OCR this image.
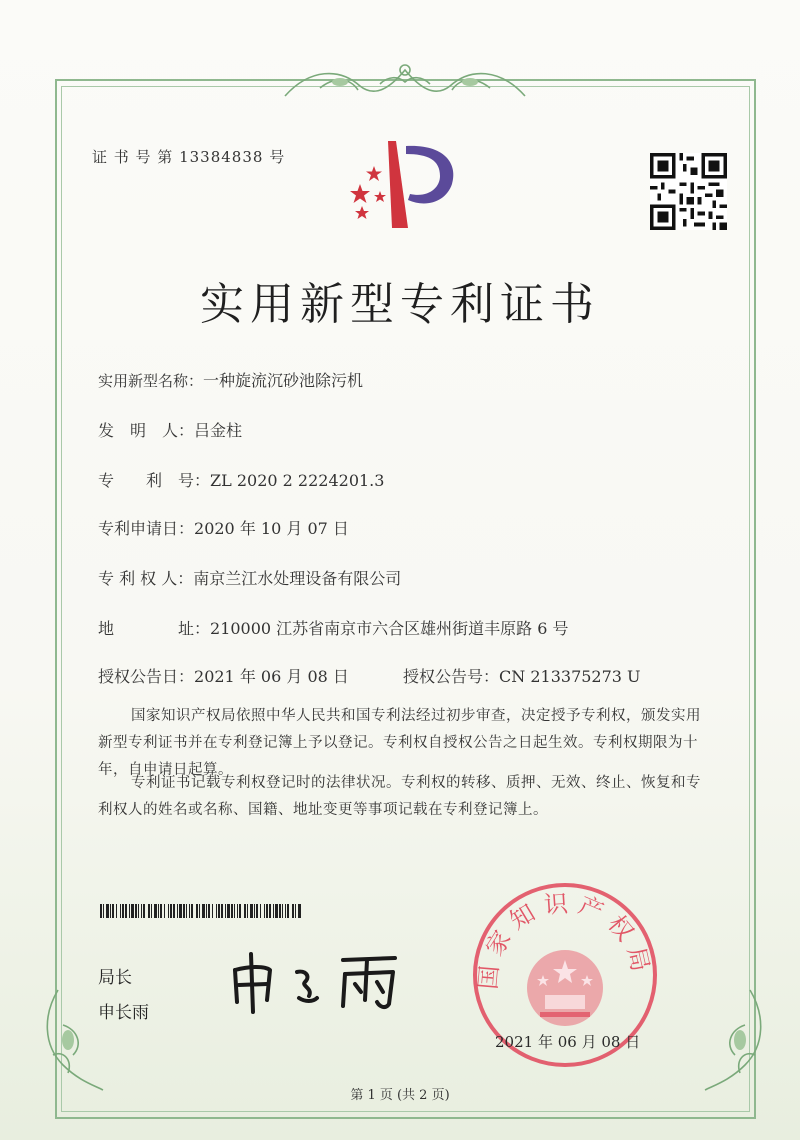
证 书 号 第 13384838 号
实用新型专利证书
实用新型名称：一种旋流沉砂池除污机
发　明　人：吕金柱
专　　利　号：ZL 2020 2 2224201.3
专利申请日：2020 年 10 月 07 日
专 利 权 人：南京兰江水处理设备有限公司
地　　　　址：210000 江苏省南京市六合区雄州街道丰原路 6 号
授权公告日：2021 年 06 月 08 日	授权公告号：CN 213375273 U
国家知识产权局依照中华人民共和国专利法经过初步审查，决定授予专利权，颁发实用新型专利证书并在专利登记簿上予以登记。专利权自授权公告之日起生效。专利权期限为十年，自申请日起算。
专利证书记载专利权登记时的法律状况。专利权的转移、质押、无效、终止、恢复和专利权人的姓名或名称、国籍、地址变更等事项记载在专利登记簿上。
局长
申长雨
国家知识产权局
2021 年 06 月 08 日
第 1 页 (共 2 页)
